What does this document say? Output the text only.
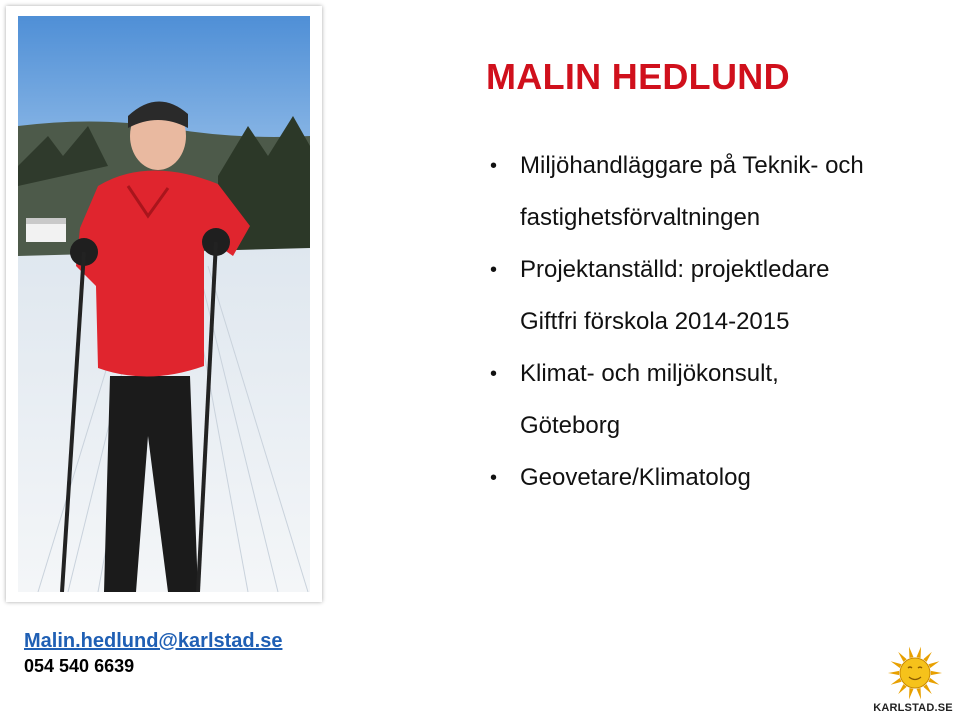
MALIN HEDLUND
• Miljöhandläggare på Teknik- och
fastighetsförvaltningen
• Projektanställd: projektledare
Giftfri förskola 2014-2015
• Klimat- och miljökonsult,
Göteborg
• Geovetare/Klimatolog
Malin.hedlund@karlstad.se
054 540 6639
KARLSTAD.SE
